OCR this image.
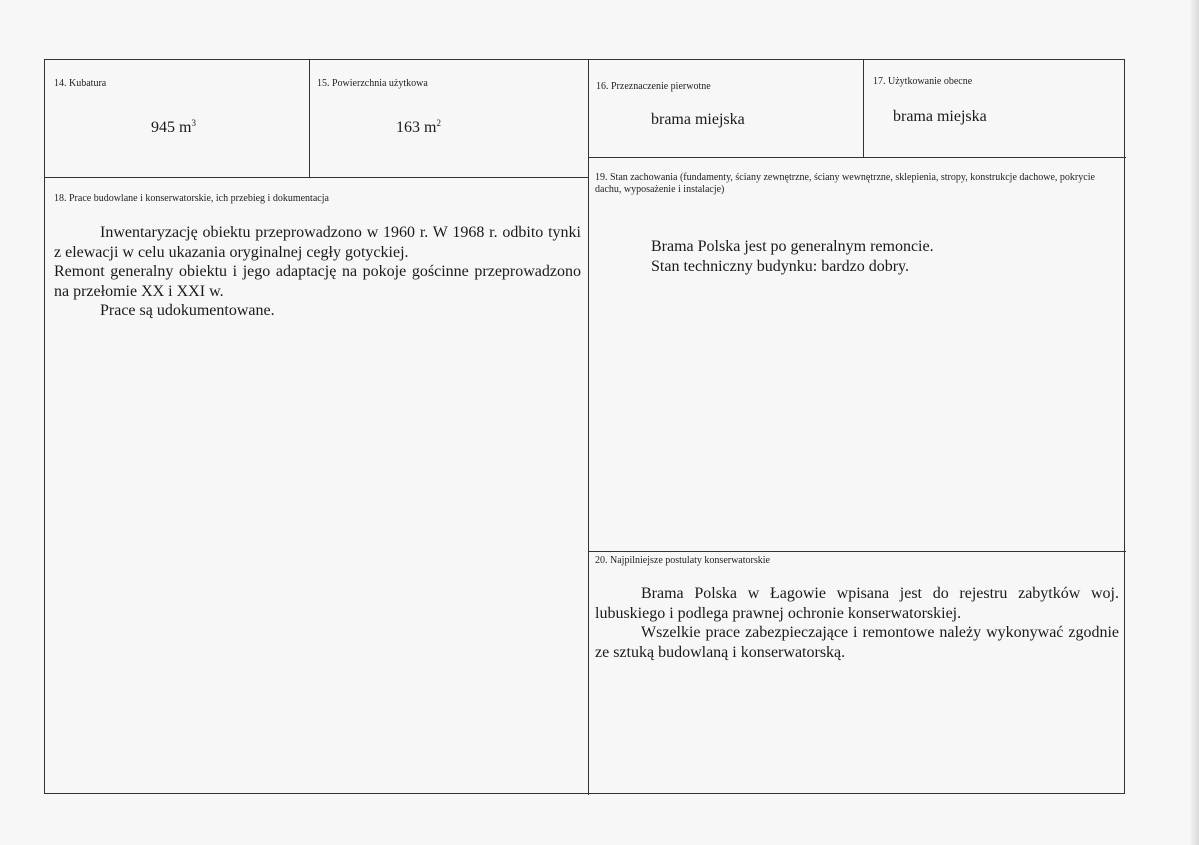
14. Kubatura
945 $m^3$
15. Powierzchnia użytkowa
163 $m^2$
16. Przeznaczenie pierwotne
brama miejska
17. Użytkowanie obecne
brama miejska
18. Prace budowlane i konserwatorskie, ich przebieg i dokumentacja

Inwentaryzację obiektu przeprowadzono w 1960 r. W 1968 r. odbito tynki z elewacji w celu ukazania oryginalnej cegły gotyckiej.

Remont generalny obiektu i jego adaptację na pokoje gościnne przeprowadzono na przełomie XX i XXI w.

Prace są udokumentowane.

19. Stan zachowania (fundamenty, ściany zewnętrzne, ściany wewnętrzne, sklepienia, stropy, konstrukcje dachowe, pokrycie dachu, wyposażenie i instalacje)

Brama Polska jest po generalnym remoncie.

Stan techniczny budynku: bardzo dobry.

20. Najpilniejsze postulaty konserwatorskie

Brama Polska w Łagowie wpisana jest do rejestru zabytków woj. lubuskiego i podlega prawnej ochronie konserwatorskiej.

Wszelkie prace zabezpieczające i remontowe należy wykonywać zgodnie ze sztuką budowlaną i konserwatorską.
